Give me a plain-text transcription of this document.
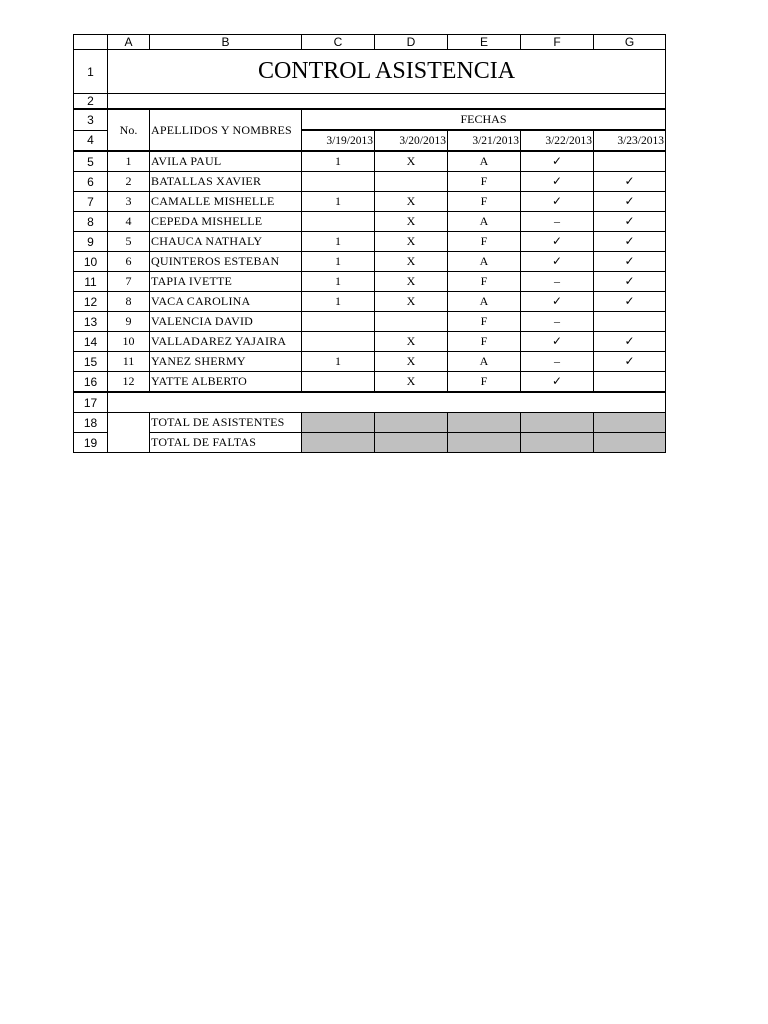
	A	B	C	D	E	F	G
1	CONTROL ASISTENCIA						
2							
3	No.	APELLIDOS Y NOMBRES	FECHAS				
4			3/19/2013	3/20/2013	3/21/2013	3/22/2013	3/23/2013
5	1	AVILA PAUL	1	X	A	✓	
6	2	BATALLAS XAVIER			F	✓	✓
7	3	CAMALLE MISHELLE	1	X	F	✓	✓
8	4	CEPEDA MISHELLE		X	A	–	✓
9	5	CHAUCA NATHALY	1	X	F	✓	✓
10	6	QUINTEROS ESTEBAN	1	X	A	✓	✓
11	7	TAPIA IVETTE	1	X	F	–	✓
12	8	VACA CAROLINA	1	X	A	✓	✓
13	9	VALENCIA DAVID			F	–	
14	10	VALLADAREZ YAJAIRA		X	F	✓	✓
15	11	YANEZ SHERMY	1	X	A	–	✓
16	12	YATTE ALBERTO		X	F	✓	
17							
18		TOTAL DE ASISTENTES					
19		TOTAL DE FALTAS					
